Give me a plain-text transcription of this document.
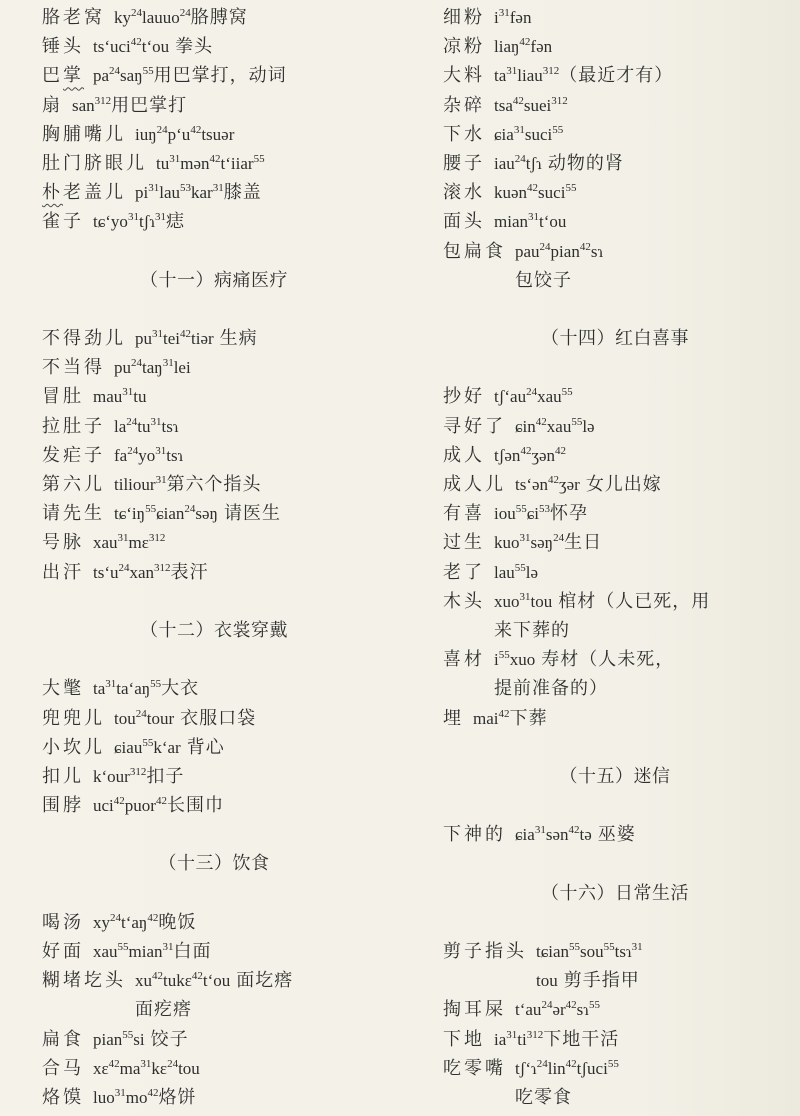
胳老窝 $ky^{24}lauuo^{24}$胳膊窝
锤头 ts‘uci$^{42}$t‘ou 拳头
巴掌 $pa^{24}saŋ^{55}$用巴掌打，动词
扇 san$^{312}$用巴掌打
胸脯嘴儿 $iuŋ^{24}p‘u^{42}tsuər$
肚门脐眼儿 $tu^{31}mən^{42}t‘iiar^{55}$
朴老盖儿 $pi^{31}lau^{53}kar^{31}$膝盖
雀子 $tɕ‘yo^{31}tʃɿ^{31}$痣
（十一）病痛医疗
不得劲儿 $pu^{31}tei^{42}tiər$ 生病
不当得 $pu^{24}taŋ^{31}lei$
冒肚 mau$^{31}$tu
拉肚子 $la^{24}tu^{31}tsɿ$
发疟子 $fa^{24}yo^{31}tsɿ$
第六儿 tiliour$^{31}$第六个指头
请先生 $tɕ‘iŋ^{55}ɕian^{24}səŋ$ 请医生
号脉 xau$^{31}$mɛ$^{312}$
出汗 $ts‘u^{24}xan^{312}$表汗
（十二）衣裳穿戴
大氅 $ta^{31}ta‘aŋ^{55}$大衣
兜兜儿 tou$^{24}$tour 衣服口袋
小坎儿 ɕiau$^{55}$k‘ar 背心
扣儿 k‘our$^{312}$扣子
围脖 uci$^{42}$puor$^{42}$长围巾
（十三）饮食
喝汤 $xy^{24}t‘aŋ^{42}$晚饭
好面 xau$^{55}$mian$^{31}$白面
糊堵圪头 $xu^{42}tukɛ^{42}t‘ou$ 面圪瘩
面疙瘩
扁食 pian$^{55}$si 饺子
合马 $xɛ^{42}ma^{31}kɛ^{24}tou$
烙馍 $luo^{31}mo^{42}$烙饼
细粉 $i^{31}fən$
凉粉 liaŋ$^{42}$fən
大料 $ta^{31}liau^{312}$（最近才有）
杂碎 tsa$^{42}$suei$^{312}$
下水 ɕia$^{31}$suci$^{55}$
腰子 iau$^{24}$tʃɿ 动物的肾
滚水 kuən$^{42}$suci$^{55}$
面头 mian$^{31}$t‘ou
包扁食 pau$^{24}$pian$^{42}$sɿ
包饺子
（十四）红白喜事
抄好 $tʃ‘au^{24}xau^{55}$
寻好了 ɕin$^{42}$xau$^{55}$lə
成人 tʃən$^{42}$ʒən$^{42}$
成人儿 ts‘ən$^{42}$ʒər 女儿出嫁
有喜 iou$^{55}$ɕi$^{53}$怀孕
过生 kuo$^{31}$səŋ$^{24}$生日
老了 lau$^{55}$lə
木头 xuo$^{31}$tou 棺材（人已死，用
来下葬的
喜材 $i^{55}xuo$ 寿材（人未死，
提前准备的）
埋 mai$^{42}$下葬
（十五）迷信
下神的 ɕia$^{31}$sən$^{42}$tə 巫婆
（十六）日常生活
剪子指头 tɕian$^{55}$sou$^{55}$tsɿ$^{31}$
tou 剪手指甲
掏耳屎 $t‘au^{24}ər^{42}sɿ^{55}$
下地 $ia^{31}ti^{312}$下地干活
吃零嘴 tʃ‘ɿ$^{24}$lin$^{42}$tʃuci$^{55}$
吃零食
